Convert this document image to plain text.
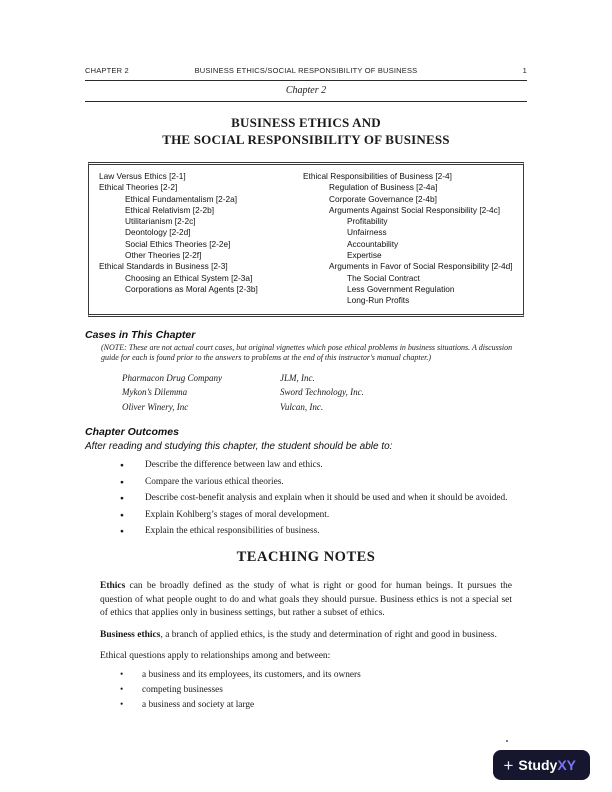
CHAPTER 2	BUSINESS ETHICS/SOCIAL RESPONSIBILITY OF BUSINESS	1
Chapter 2
BUSINESS ETHICS AND
THE SOCIAL RESPONSIBILITY OF BUSINESS
Law Versus Ethics [2-1]
Ethical Theories [2-2]
Ethical Fundamentalism [2-2a]
Ethical Relativism [2-2b]
Utilitarianism [2-2c]
Deontology [2-2d]
Social Ethics Theories [2-2e]
Other Theories [2-2f]
Ethical Standards in Business [2-3]
Choosing an Ethical System [2-3a]
Corporations as Moral Agents [2-3b]
Ethical Responsibilities of Business [2-4]
Regulation of Business [2-4a]
Corporate Governance [2-4b]
Arguments Against Social Responsibility [2-4c]
Profitability
Unfairness
Accountability
Expertise
Arguments in Favor of Social Responsibility [2-4d]
The Social Contract
Less Government Regulation
Long-Run Profits
Cases in This Chapter

(NOTE: These are not actual court cases, but original vignettes which pose ethical problems in business situations. A discussion guide for each is found prior to the answers to problems at the end of this instructor's manual chapter.)

Pharmacon Drug Company
Mykon’s Dilemma
Oliver Winery, Inc
JLM, Inc.
Sword Technology, Inc.
Vulcan, Inc.
Chapter Outcomes

After reading and studying this chapter, the student should be able to:

● Describe the difference between law and ethics.
● Compare the various ethical theories.
● Describe cost-benefit analysis and explain when it should be used and when it should be avoided.
● Explain Kohlberg’s stages of moral development.
● Explain the ethical responsibilities of business.
TEACHING NOTES

Ethics can be broadly defined as the study of what is right or good for human beings. It pursues the question of what people ought to do and what goals they should pursue. Business ethics is not a special set of ethics that applies only in business settings, but rather a subset of ethics.

Business ethics, a branch of applied ethics, is the study and determination of right and good in business.

Ethical questions apply to relationships among and between:

• a business and its employees, its customers, and its owners
• competing businesses
• a business and society at large
+ Study XY
